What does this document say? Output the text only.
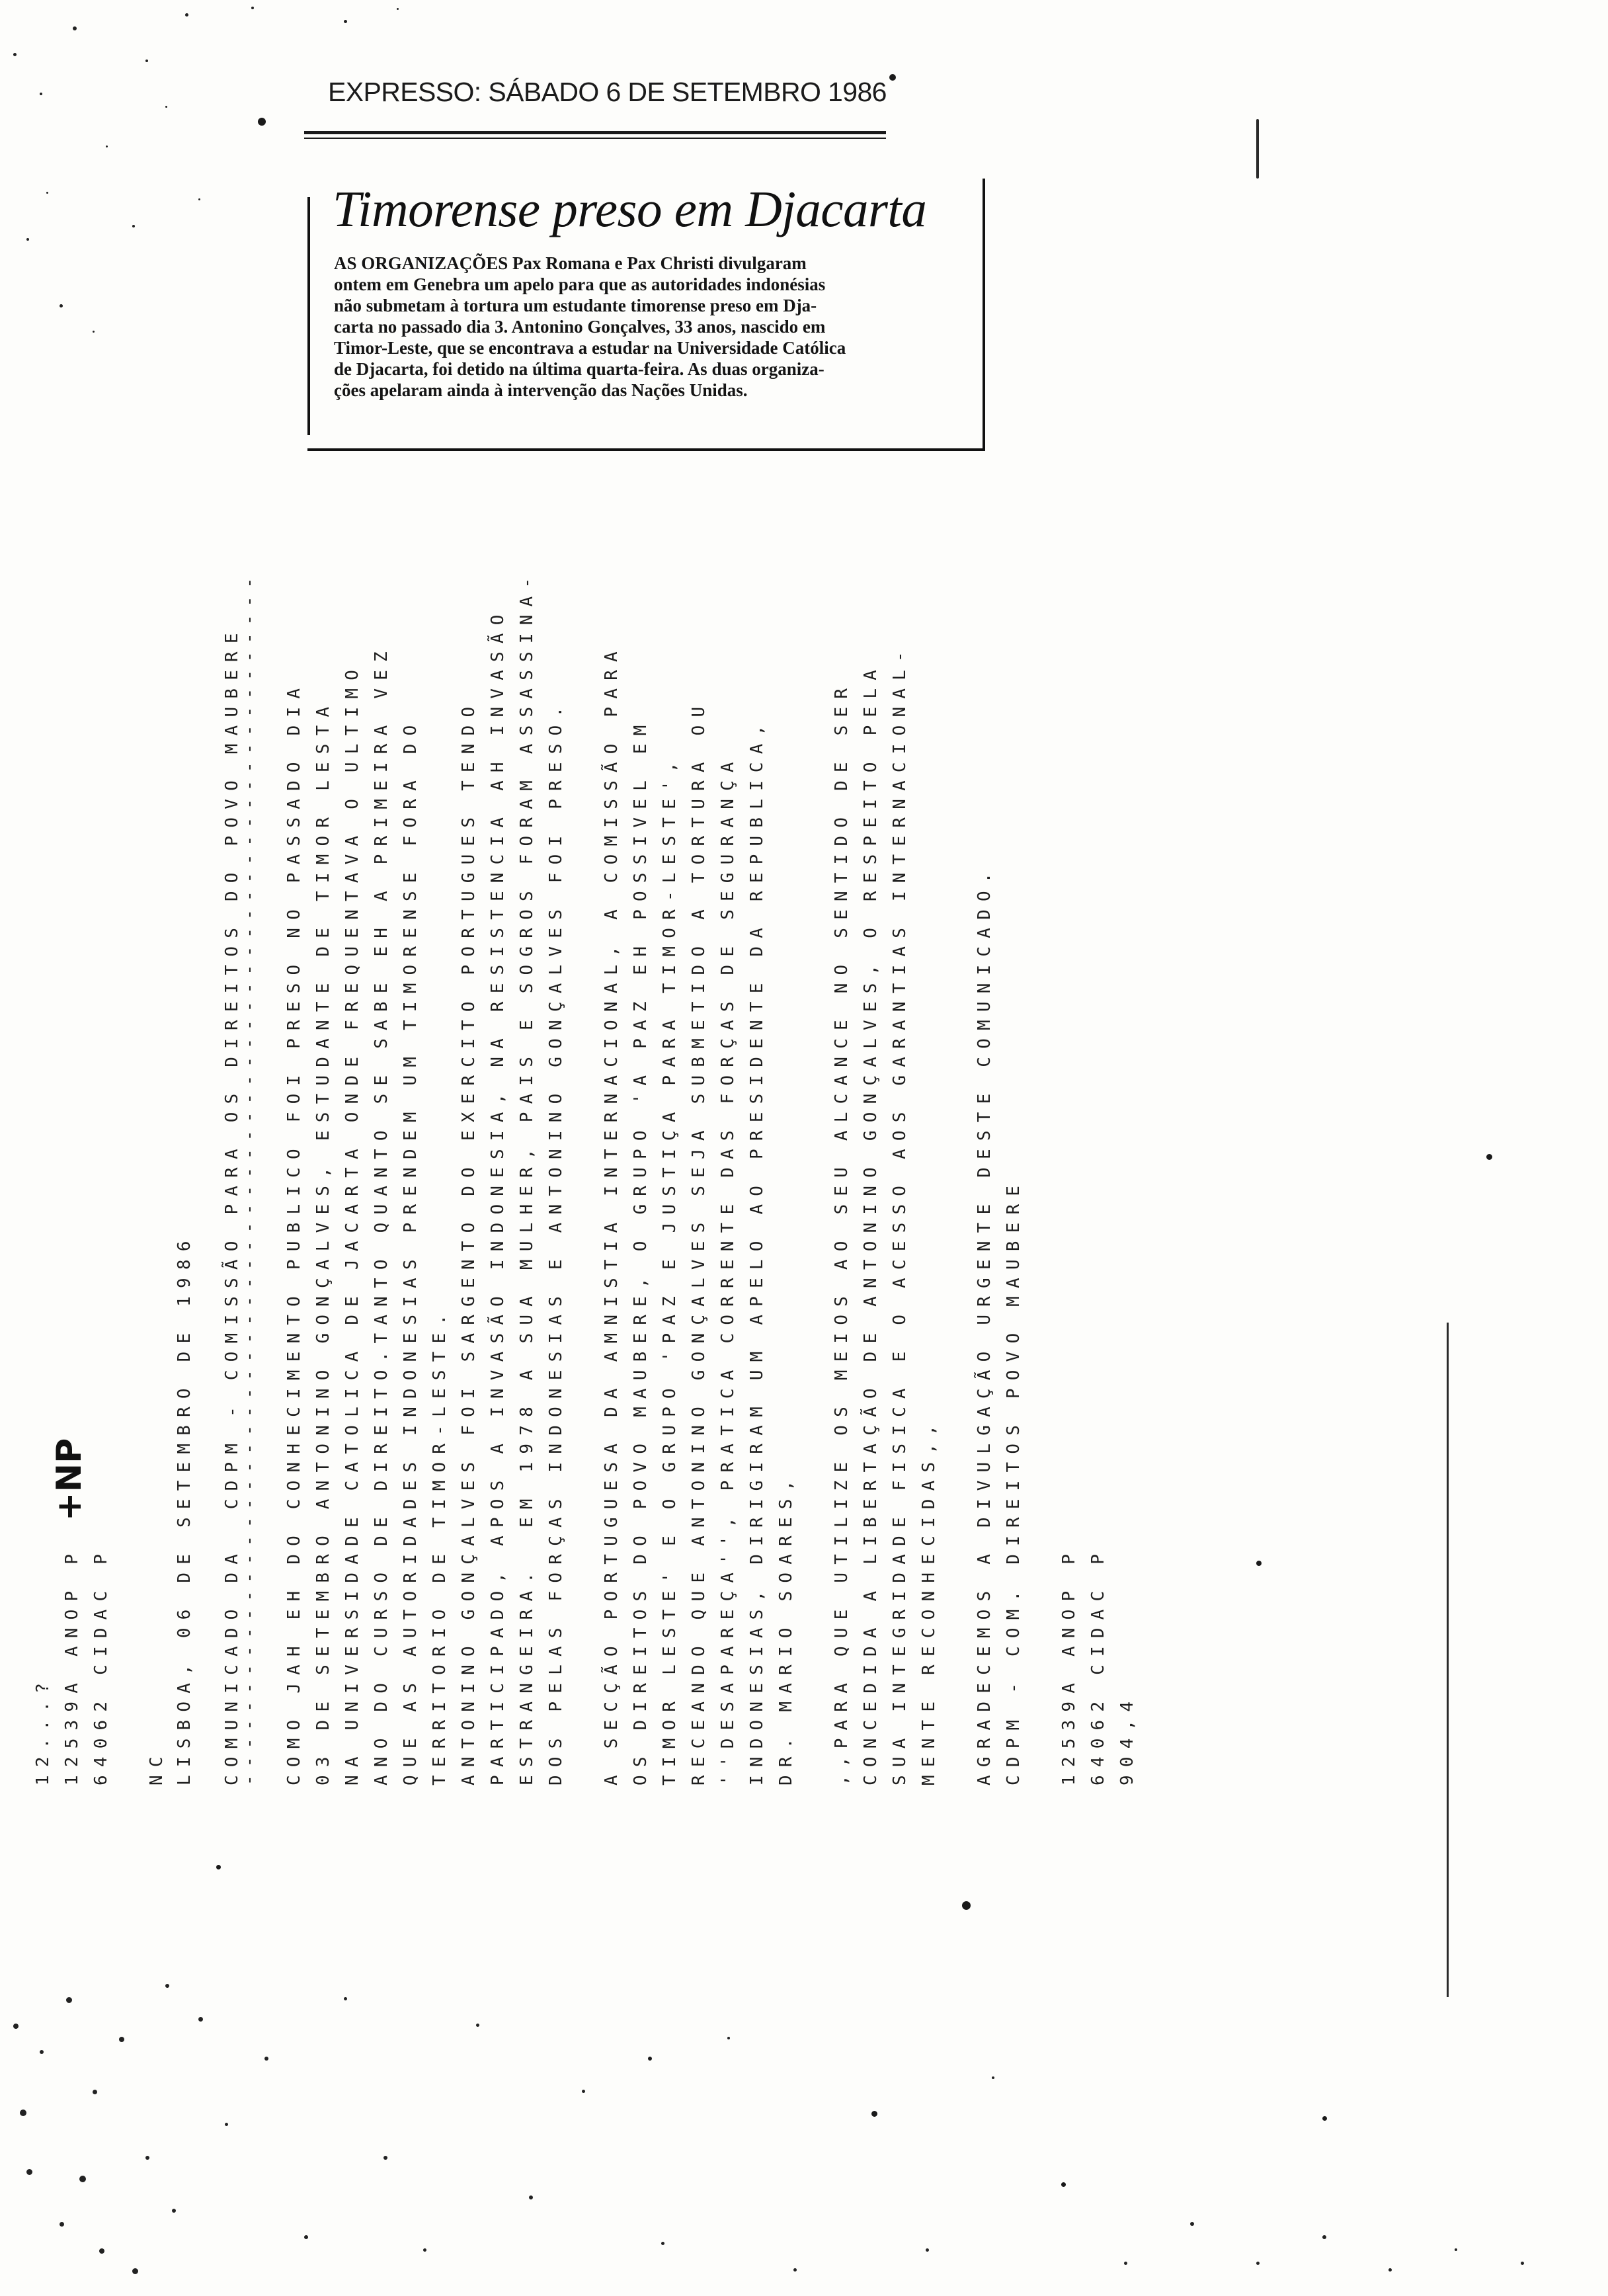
EXPRESSO: SÁBADO 6 DE SETEMBRO 1986
Timorense preso em Djacarta
AS ORGANIZAÇÕES Pax Romana e Pax Christi divulgaram
ontem em Genebra um apelo para que as autoridades indonésias
não submetam à tortura um estudante timorense preso em Dja-
carta no passado dia 3. Antonino Gonçalves, 33 anos, nascido em
Timor-Leste, que se encontrava a estudar na Universidade Católica
de Djacarta, foi detido na última quarta-feira. As duas organiza-
ções apelaram ainda à intervenção das Nações Unidas.
+NP
12...? 12539A ANOP P 64062 CIDAC P NC LISBOA, 06 DE SETEMBRO DE 1986 COMUNICADO DA  CDPM - COMISSÃO PARA OS DIREITOS DO POVO MAUBERE
------------------------------------------------------------------ COMO JAH EH DO CONHECIMENTO PUBLICO FOI PRESO NO PASSADO DIA 03 DE SETEMBRO ANTONINO GONÇALVES, ESTUDANTE DE TIMOR LESTA NA UNIVERSIDADE CATOLICA DE JACARTA ONDE FREQUENTAVA O ULTIMO ANO DO CURSO DE DIREITO.TANTO QUANTO SE SABE EH A PRIMEIRA VEZ QUE AS AUTORIDADES INDONESIAS PRENDEM UM TIMORENSE FORA DO TERRITORIO DE TIMOR-LESTE. ANTONINO GONÇALVES FOI SARGENTO DO EXERCITO PORTUGUES TENDO PARTICIPADO, APOS A INVASÃO INDONESIA, NA RESISTENCIA AH INVASÃO ESTRANGEIRA.  EM 1978 A SUA MULHER, PAIS E SOGROS FORAM ASSASSINA- DOS PELAS FORÇAS INDONESIAS E ANTONINO GONÇALVES FOI PRESO. A SECÇÃO PORTUGUESA DA AMNISTIA INTERNACIONAL, A COMISSÃO PARA OS DIREITOS DO POVO MAUBERE, O GRUPO 'A PAZ EH POSSIVEL EM TIMOR LESTE' E O GRUPO 'PAZ E JUSTIÇA PARA TIMOR-LESTE', RECEANDO QUE ANTONINO GONÇALVES SEJA SUBMETIDO A TORTURA OU ''DESAPAREÇA'', PRATICA CORRENTE DAS FORÇAS DE SEGURANÇA INDONESIAS, DIRIGIRAM UM APELO AO PRESIDENTE DA REPUBLICA, DR. MARIO SOARES, ,,PARA QUE UTILIZE OS MEIOS AO SEU ALCANCE NO SENTIDO DE SER CONCEDIDA A LIBERTAÇÃO DE ANTONINO GONÇALVES, O RESPEITO PELA SUA INTEGRIDADE FISICA E O ACESSO AOS GARANTIAS INTERNACIONAL- MENTE RECONHECIDAS,, AGRADECEMOS A DIVULGAÇÃO URGENTE DESTE COMUNICADO. CDPM - COM. DIREITOS POVO MAUBERE 12539A ANOP P 64062 CIDAC P 904,4
